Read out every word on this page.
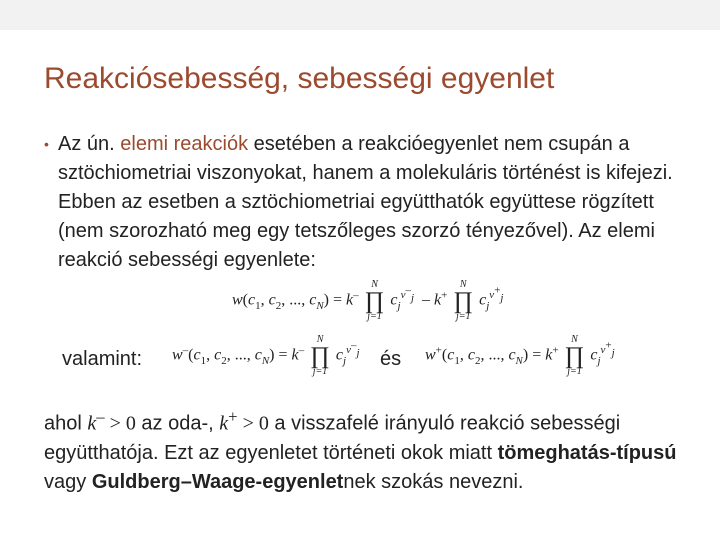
Reakciósebesség, sebességi egyenlet
• Az ún. elemi reakciók esetében a reakcióegyenlet nem csupán a sztöchiometriai viszonyokat, hanem a molekuláris történést is kifejezi. Ebben az esetben a sztöchiometriai együtthatók együttese rögzített (nem szorozható meg egy tetszőleges szorzó tényezővel). Az elemi reakció sebességi egyenlete:
$w(c_1$, $c_2$, ..., $c_N) = k^-$
N
∏
j=1
$c_j^{\nu^-_j} - k^+$
N
∏
j=1
$c_j^{\nu^+_j}$
valamint: $w^-(c_1$, $c_2$, ..., $c_N) = k^-$
N
∏
j=1
$c_j^{\nu^-_j}$ és $w^+(c_1$, $c_2$, ..., $c_N) = k^+$
N
∏
j=1
$c_j^{\nu^+_j}$
ahol k– > 0 az oda-, k+ > 0 a visszafelé irányuló reakció sebességi együtthatója. Ezt az egyenletet történeti okok miatt tömeghatás-típusú vagy Guldberg–Waage-egyenletnek szokás nevezni.
